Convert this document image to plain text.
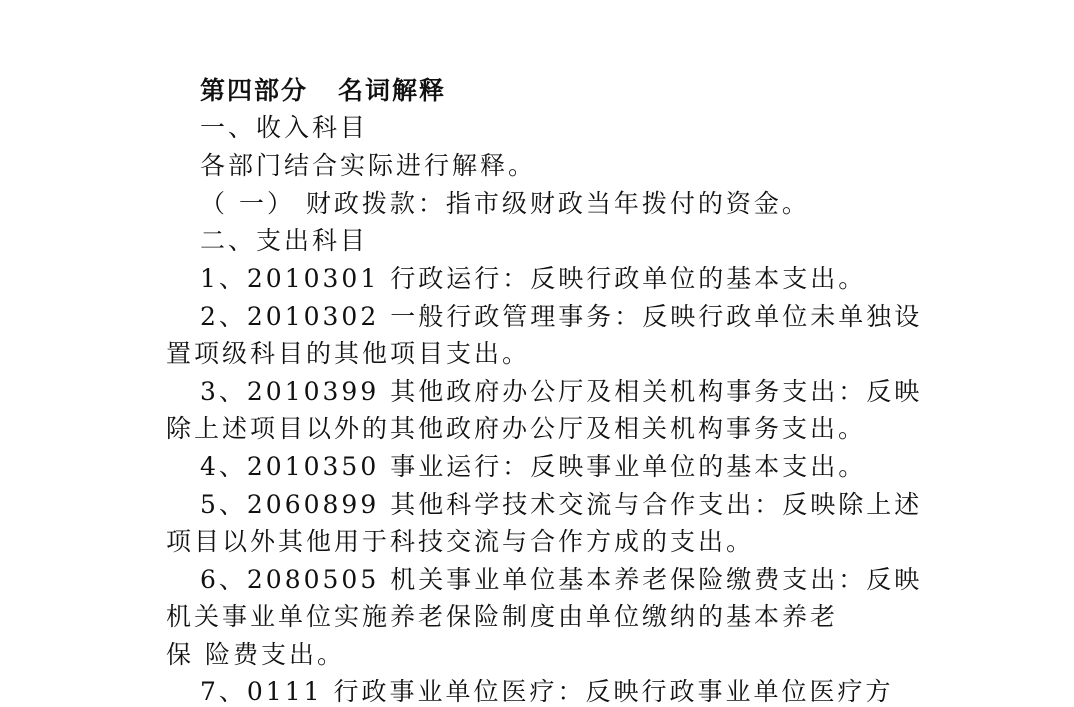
第四部分 名词解释
一、收入科目
各部门结合实际进行解释。
（ 一） 财政拨款：指市级财政当年拨付的资金。
二、支出科目
1、2010301 行政运行：反映行政单位的基本支出。
2、2010302 一般行政管理事务：反映行政单位未单独设
置项级科目的其他项目支出。
3、2010399 其他政府办公厅及相关机构事务支出：反映
除上述项目以外的其他政府办公厅及相关机构事务支出。
4、2010350 事业运行：反映事业单位的基本支出。
5、2060899 其他科学技术交流与合作支出：反映除上述
项目以外其他用于科技交流与合作方成的支出。
6、2080505 机关事业单位基本养老保险缴费支出：反映
机关事业单位实施养老保险制度由单位缴纳的基本养老
保 险费支出。
7、0111 行政事业单位医疗：反映行政事业单位医疗方
